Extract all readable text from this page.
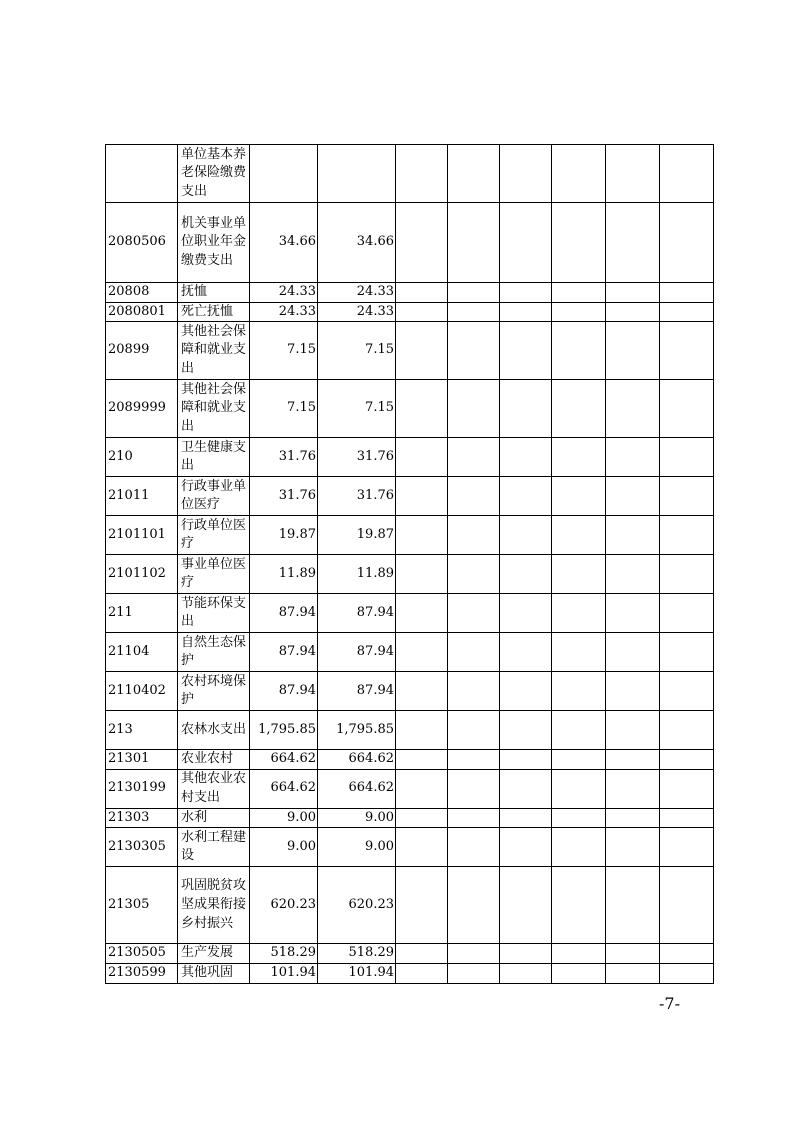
	单位基本养老保险缴费支出								
2080506	机关事业单位职业年金缴费支出	34.66	34.66						
20808	抚恤	24.33	24.33						
2080801	死亡抚恤	24.33	24.33						
20899	其他社会保障和就业支出	7.15	7.15						
2089999	其他社会保障和就业支出	7.15	7.15						
210	卫生健康支出	31.76	31.76						
21011	行政事业单位医疗	31.76	31.76						
2101101	行政单位医疗	19.87	19.87						
2101102	事业单位医疗	11.89	11.89						
211	节能环保支出	87.94	87.94						
21104	自然生态保护	87.94	87.94						
2110402	农村环境保护	87.94	87.94						
213	农林水支出	1,795.85	1,795.85						
21301	农业农村	664.62	664.62						
2130199	其他农业农村支出	664.62	664.62						
21303	水利	9.00	9.00						
2130305	水利工程建设	9.00	9.00						
21305	巩固脱贫攻坚成果衔接乡村振兴	620.23	620.23						
2130505	生产发展	518.29	518.29						
2130599	其他巩固	101.94	101.94						
-7-
